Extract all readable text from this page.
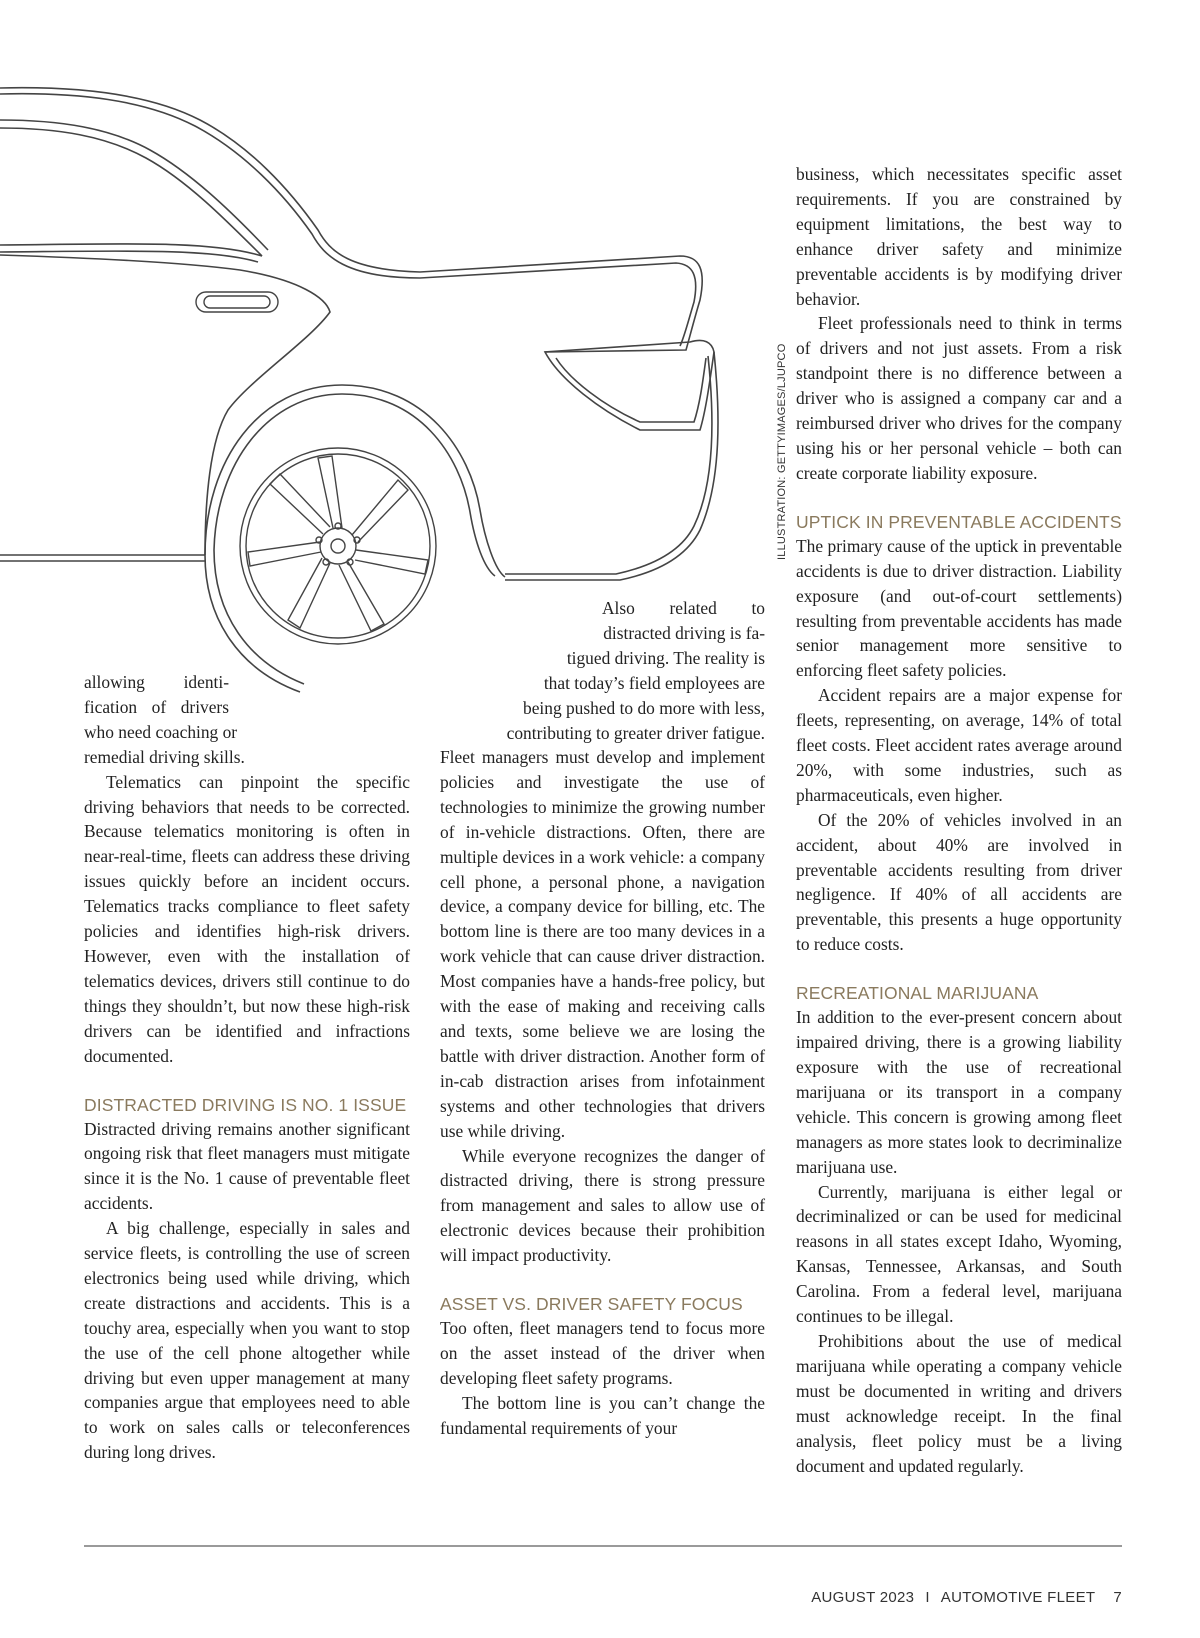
ILLUSTRATION: GETTYIMAGES/LJUPCO

allowing identi-

fication of drivers

who need coaching or

remedial driving skills.

Telematics can pinpoint the specific driving behaviors that needs to be corrected. Because telematics monitoring is often in near-real-time, fleets can address these driving issues quickly before an incident occurs. Telematics tracks compliance to fleet safety policies and identifies high-risk drivers. However, even with the installation of telematics devices, drivers still continue to do things they shouldn’t, but now these high-risk drivers can be identified and infractions documented.

DISTRACTED DRIVING IS NO. 1 ISSUE

Distracted driving remains another significant ongoing risk that fleet managers must mitigate since it is the No. 1 cause of preventable fleet accidents.

A big challenge, especially in sales and service fleets, is controlling the use of screen electronics being used while driving, which create distractions and accidents. This is a touchy area, especially when you want to stop the use of the cell phone altogether while driving but even upper management at many companies argue that employees need to able to work on sales calls or teleconferences during long drives.

Also related to

distracted driving is fa-

tigued driving. The reality is

that today’s field employees are

being pushed to do more with less,

contributing to greater driver fatigue.

Fleet managers must develop and implement policies and investigate the use of technologies to minimize the growing number of in-vehicle distractions. Often, there are multiple devices in a work vehicle: a company cell phone, a personal phone, a navigation device, a company device for billing, etc. The bottom line is there are too many devices in a work vehicle that can cause driver distraction. Most companies have a hands-free policy, but with the ease of making and receiving calls and texts, some believe we are losing the battle with driver distraction. Another form of in-cab distraction arises from infotainment systems and other technologies that drivers use while driving.

While everyone recognizes the danger of distracted driving, there is strong pressure from management and sales to allow use of electronic devices because their prohibition will impact productivity.

ASSET VS. DRIVER SAFETY FOCUS

Too often, fleet managers tend to focus more on the asset instead of the driver when developing fleet safety programs.

The bottom line is you can’t change the fundamental requirements of your

business, which necessitates specific asset requirements. If you are constrained by equipment limitations, the best way to enhance driver safety and minimize preventable accidents is by modifying driver behavior.

Fleet professionals need to think in terms of drivers and not just assets. From a risk standpoint there is no difference between a driver who is assigned a company car and a reimbursed driver who drives for the company using his or her personal vehicle – both can create corporate liability exposure.

UPTICK IN PREVENTABLE ACCIDENTS

The primary cause of the uptick in preventable accidents is due to driver distraction. Liability exposure (and out-of-court settlements) resulting from preventable accidents has made senior management more sensitive to enforcing fleet safety policies.

Accident repairs are a major expense for fleets, representing, on average, 14% of total fleet costs. Fleet accident rates average around 20%, with some industries, such as pharmaceuticals, even higher.

Of the 20% of vehicles involved in an accident, about 40% are involved in preventable accidents resulting from driver negligence. If 40% of all accidents are preventable, this presents a huge opportunity to reduce costs.

RECREATIONAL MARIJUANA

In addition to the ever-present concern about impaired driving, there is a growing liability exposure with the use of recreational marijuana or its transport in a company vehicle. This concern is growing among fleet managers as more states look to decriminalize marijuana use.

Currently, marijuana is either legal or decriminalized or can be used for medicinal reasons in all states except Idaho, Wyoming, Kansas, Tennessee, Arkansas, and South Carolina. From a federal level, marijuana continues to be illegal.

Prohibitions about the use of medical marijuana while operating a company vehicle must be documented in writing and drivers must acknowledge receipt. In the final analysis, fleet policy must be a living document and updated regularly.

AUGUST 2023 I AUTOMOTIVE FLEET 7
